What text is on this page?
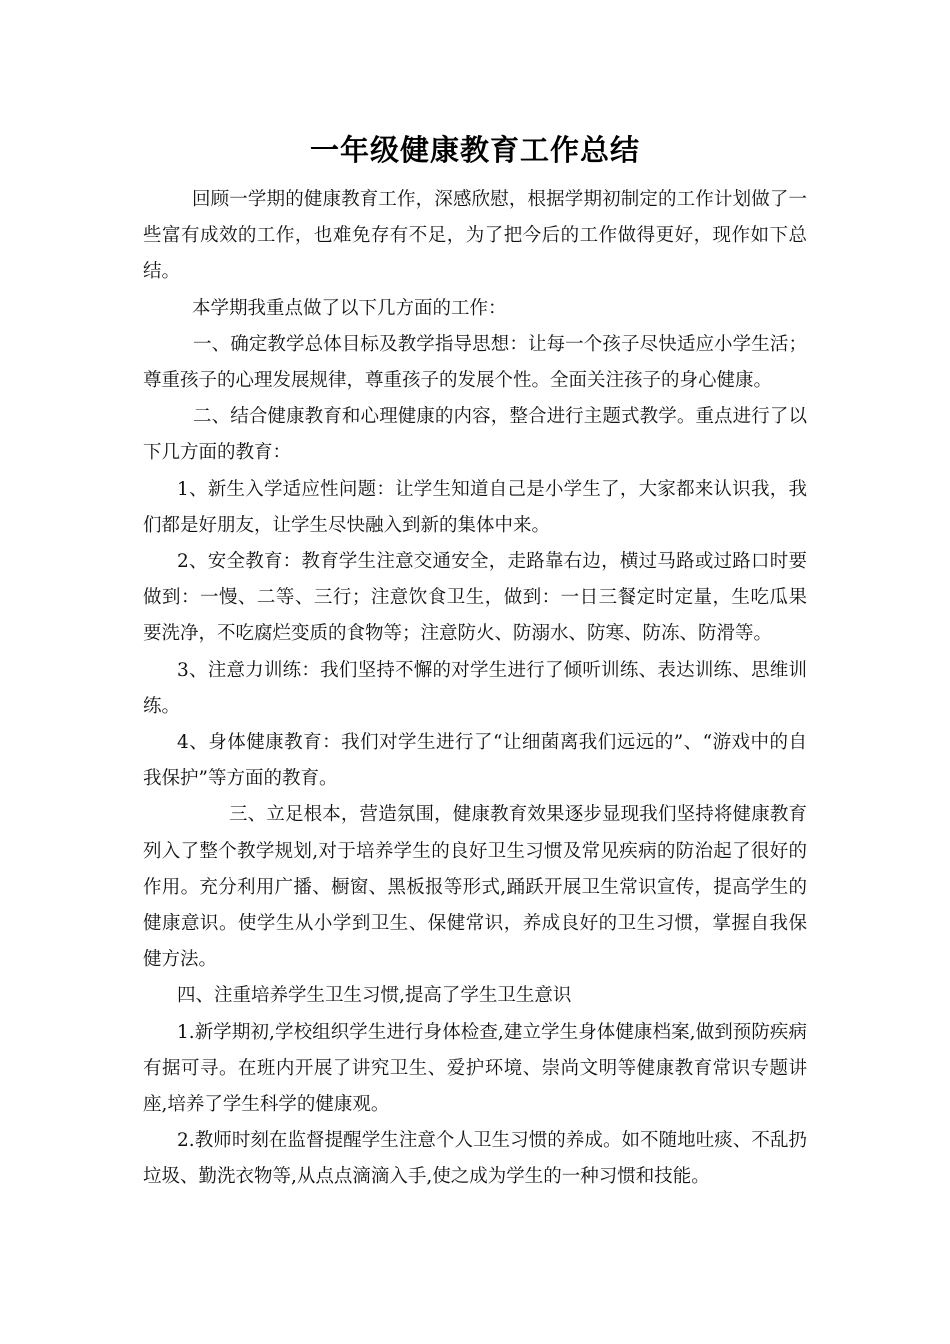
一年级健康教育工作总结

回顾一学期的健康教育工作，深感欣慰，根据学期初制定的工作计划做了一些富有成效的工作，也难免存有不足，为了把今后的工作做得更好，现作如下总结。

本学期我重点做了以下几方面的工作：

一、确定教学总体目标及教学指导思想：让每一个孩子尽快适应小学生活；尊重孩子的心理发展规律，尊重孩子的发展个性。全面关注孩子的身心健康。

二、结合健康教育和心理健康的内容，整合进行主题式教学。重点进行了以下几方面的教育：

1、新生入学适应性问题：让学生知道自己是小学生了，大家都来认识我，我们都是好朋友，让学生尽快融入到新的集体中来。

2、安全教育：教育学生注意交通安全，走路靠右边，横过马路或过路口时要做到：一慢、二等、三行；注意饮食卫生，做到：一日三餐定时定量，生吃瓜果要洗净，不吃腐烂变质的食物等；注意防火、防溺水、防寒、防冻、防滑等。

3、注意力训练：我们坚持不懈的对学生进行了倾听训练、表达训练、思维训练。

4、身体健康教育：我们对学生进行了“让细菌离我们远远的”、“游戏中的自我保护”等方面的教育。

三、立足根本，营造氛围，健康教育效果逐步显现我们坚持将健康教育列入了整个教学规划,对于培养学生的良好卫生习惯及常见疾病的防治起了很好的作用。充分利用广播、橱窗、黑板报等形式,踊跃开展卫生常识宣传，提高学生的健康意识。使学生从小学到卫生、保健常识，养成良好的卫生习惯，掌握自我保健方法。

四、注重培养学生卫生习惯,提高了学生卫生意识

1.新学期初,学校组织学生进行身体检查,建立学生身体健康档案,做到预防疾病有据可寻。在班内开展了讲究卫生、爱护环境、崇尚文明等健康教育常识专题讲座,培养了学生科学的健康观。

2.教师时刻在监督提醒学生注意个人卫生习惯的养成。如不随地吐痰、不乱扔垃圾、勤洗衣物等,从点点滴滴入手,使之成为学生的一种习惯和技能。
